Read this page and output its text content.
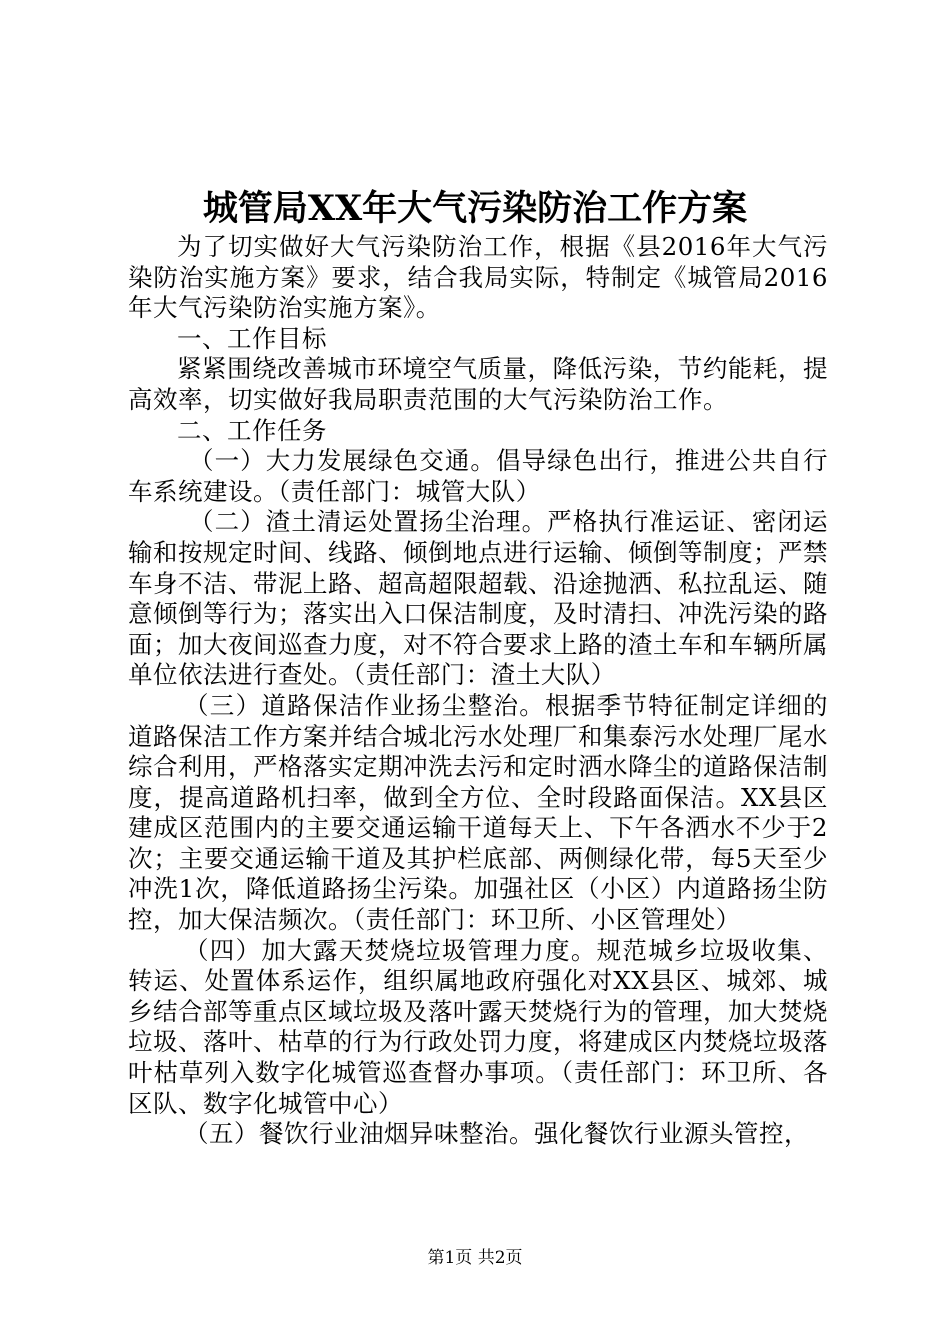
城管局XX年大气污染防治工作方案

为了切实做好大气污染防治工作，根据《县2016年大气污染防治实施方案》要求，结合我局实际，特制定《城管局2016年大气污染防治实施方案》。

一、工作目标

紧紧围绕改善城市环境空气质量，降低污染，节约能耗，提高效率，切实做好我局职责范围的大气污染防治工作。

二、工作任务

（一）大力发展绿色交通。倡导绿色出行，推进公共自行车系统建设。（责任部门：城管大队）

（二）渣土清运处置扬尘治理。严格执行准运证、密闭运输和按规定时间、线路、倾倒地点进行运输、倾倒等制度；严禁车身不洁、带泥上路、超高超限超载、沿途抛洒、私拉乱运、随意倾倒等行为；落实出入口保洁制度，及时清扫、冲洗污染的路面；加大夜间巡查力度，对不符合要求上路的渣土车和车辆所属单位依法进行查处。（责任部门：渣土大队）

（三）道路保洁作业扬尘整治。根据季节特征制定详细的道路保洁工作方案并结合城北污水处理厂和集泰污水处理厂尾水综合利用，严格落实定期冲洗去污和定时洒水降尘的道路保洁制度，提高道路机扫率，做到全方位、全时段路面保洁。XX县区建成区范围内的主要交通运输干道每天上、下午各洒水不少于2次；主要交通运输干道及其护栏底部、两侧绿化带，每5天至少冲洗1次，降低道路扬尘污染。加强社区（小区）内道路扬尘防控，加大保洁频次。（责任部门：环卫所、小区管理处）

（四）加大露天焚烧垃圾管理力度。规范城乡垃圾收集、转运、处置体系运作，组织属地政府强化对XX县区、城郊、城乡结合部等重点区域垃圾及落叶露天焚烧行为的管理，加大焚烧垃圾、落叶、枯草的行为行政处罚力度，将建成区内焚烧垃圾落叶枯草列入数字化城管巡查督办事项。（责任部门：环卫所、各区队、数字化城管中心）

（五）餐饮行业油烟异味整治。强化餐饮行业源头管控，

第1页 共2页
